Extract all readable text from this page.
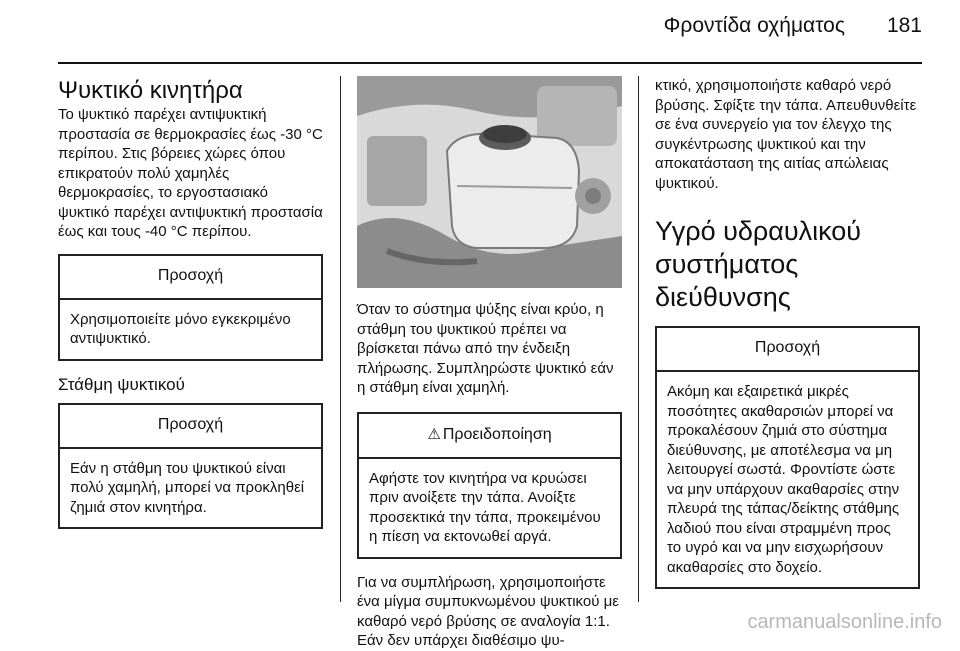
Φροντίδα οχήματος 181
Ψυκτικό κινητήρα

Το ψυκτικό παρέχει αντιψυκτική προστασία σε θερμοκρασίες έως -30 °C περίπου. Στις βόρειες χώρες όπου επικρατούν πολύ χαμηλές θερμοκρασίες, το εργοστασιακό ψυκτικό παρέχει αντιψυκτική προστασία έως και τους -40 °C περίπου.

Προσοχή
Χρησιμοποιείτε μόνο εγκεκριμένο αντιψυκτικό.
Στάθμη ψυκτικού
Προσοχή
Εάν η στάθμη του ψυκτικού είναι πολύ χαμηλή, μπορεί να προκληθεί ζημιά στον κινητήρα.

Όταν το σύστημα ψύξης είναι κρύο, η στάθμη του ψυκτικού πρέπει να βρίσκεται πάνω από την ένδειξη πλήρωσης. Συμπληρώστε ψυκτικό εάν η στάθμη είναι χαμηλή.

⚠ Προειδοποίηση
Αφήστε τον κινητήρα να κρυώσει πριν ανοίξετε την τάπα. Ανοίξτε προσεκτικά την τάπα, προκειμένου η πίεση να εκτονωθεί αργά.

Για να συμπλήρωση, χρησιμοποιήστε ένα μίγμα συμπυκνωμένου ψυκτικού με καθαρό νερό βρύσης σε αναλογία 1:1. Εάν δεν υπάρχει διαθέσιμο ψυ-

κτικό, χρησιμοποιήστε καθαρό νερό βρύσης. Σφίξτε την τάπα. Απευθυνθείτε σε ένα συνεργείο για τον έλεγχο της συγκέντρωσης ψυκτικού και την αποκατάσταση της αιτίας απώλειας ψυκτικού.

Υγρό υδραυλικού συστήματος διεύθυνσης
Προσοχή
Ακόμη και εξαιρετικά μικρές ποσότητες ακαθαρσιών μπορεί να προκαλέσουν ζημιά στο σύστημα διεύθυνσης, με αποτέλεσμα να μη λειτουργεί σωστά. Φροντίστε ώστε να μην υπάρχουν ακαθαρσίες στην πλευρά της τάπας/δείκτης στάθμης λαδιού που είναι στραμμένη προς το υγρό και να μην εισχωρήσουν ακαθαρσίες στο δοχείο.
carmanualsonline.info
